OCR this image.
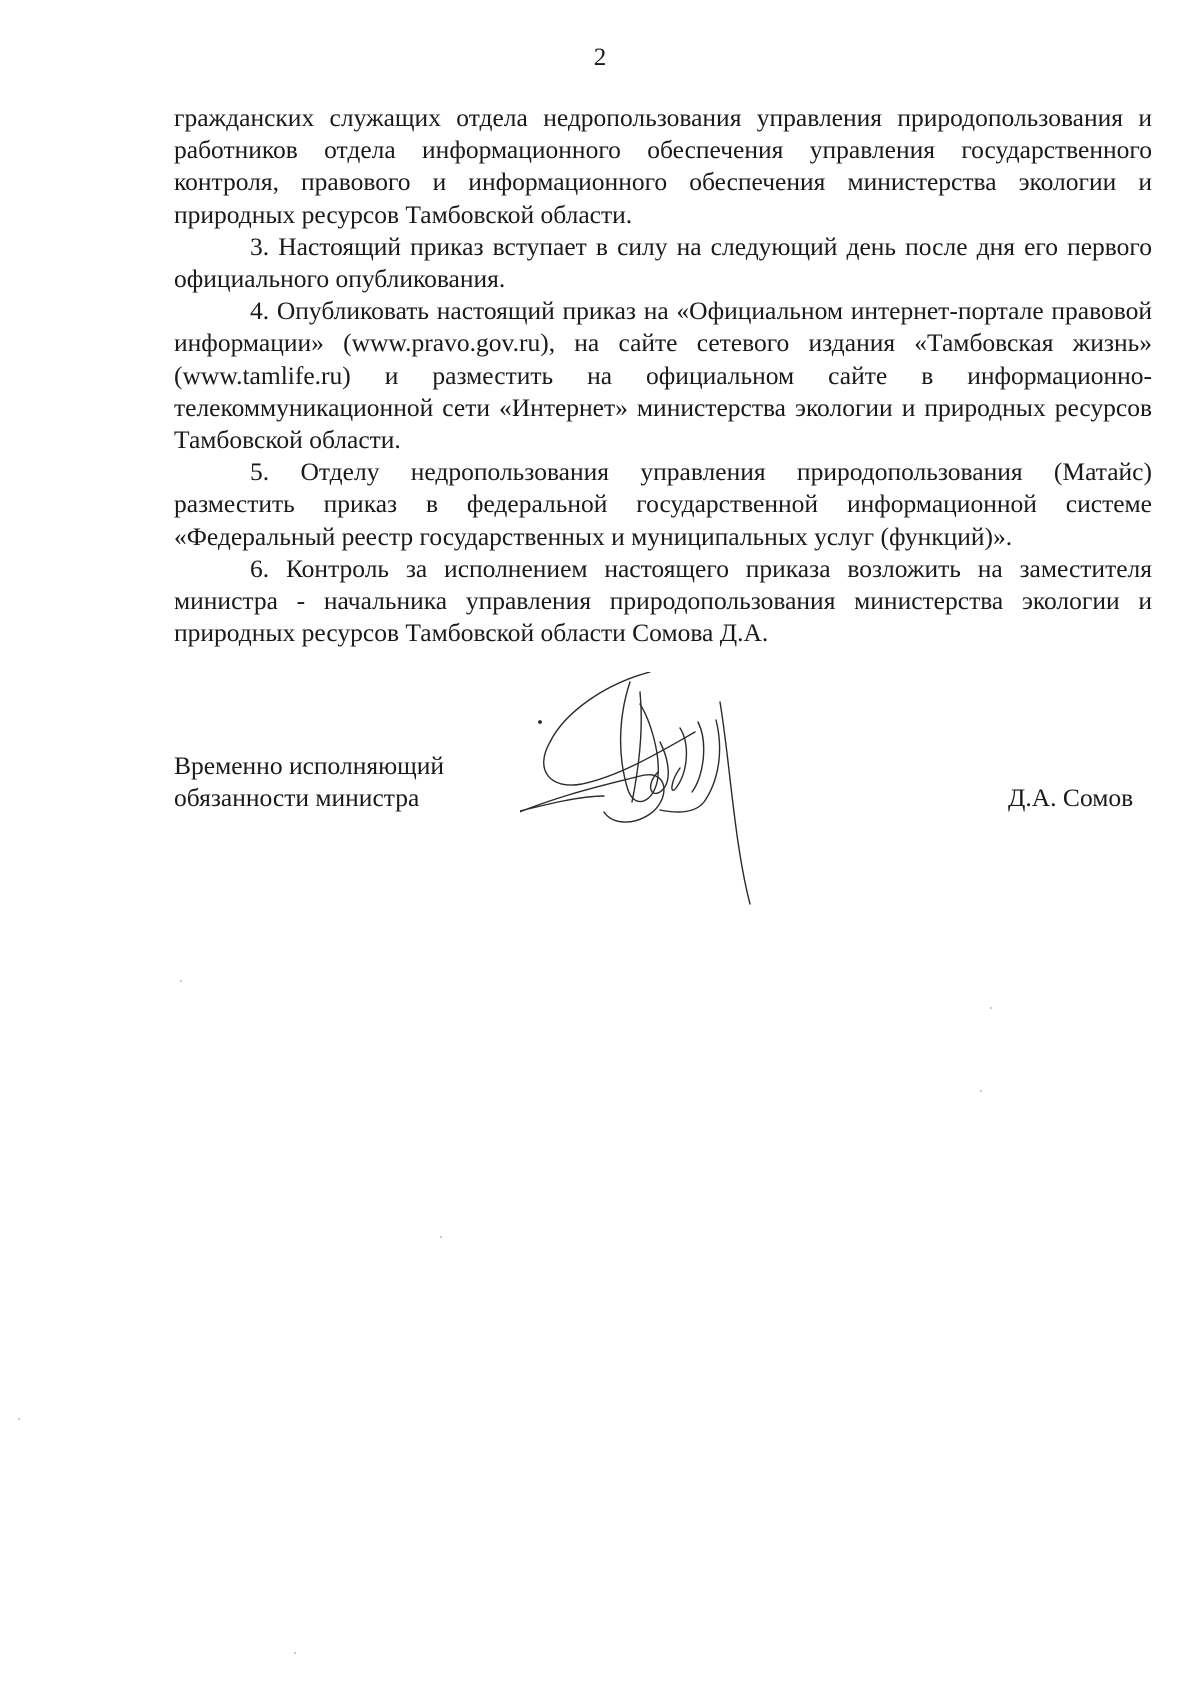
2

гражданских служащих отдела недропользования управления природопользования и работников отдела информационного обеспечения управления государственного контроля, правового и информационного обеспечения министерства экологии и природных ресурсов Тамбовской области.

3. Настоящий приказ вступает в силу на следующий день после дня его первого официального опубликования.

4. Опубликовать настоящий приказ на «Официальном интернет-портале правовой информации» (www.pravo.gov.ru), на сайте сетевого издания «Тамбовская жизнь» (www.tamlife.ru) и разместить на официальном сайте в информационно-телекоммуникационной сети «Интернет» министерства экологии и природных ресурсов Тамбовской области.

5. Отделу недропользования управления природопользования (Матайс) разместить приказ в федеральной государственной информационной системе «Федеральный реестр государственных и муниципальных услуг (функций)».

6. Контроль за исполнением настоящего приказа возложить на заместителя министра - начальника управления природопользования министерства экологии и природных ресурсов Тамбовской области Сомова Д.А.

Временно исполняющий
обязанности министра	Д.А. Сомов
